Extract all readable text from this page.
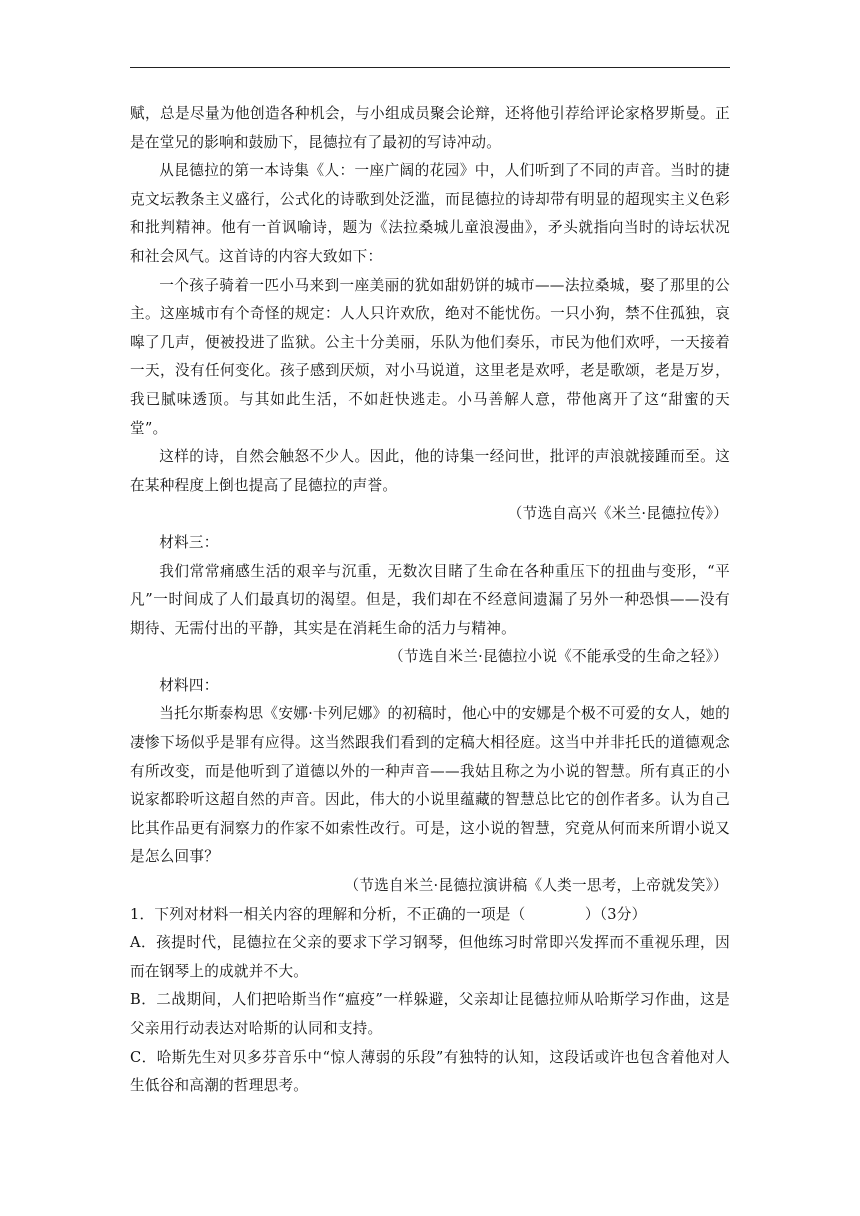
赋，总是尽量为他创造各种机会，与小组成员聚会论辩，还将他引荐给评论家格罗斯曼。正是在堂兄的影响和鼓励下，昆德拉有了最初的写诗冲动。

从昆德拉的第一本诗集《人：一座广阔的花园》中，人们听到了不同的声音。当时的捷克文坛教条主义盛行，公式化的诗歌到处泛滥，而昆德拉的诗却带有明显的超现实主义色彩和批判精神。他有一首讽喻诗，题为《法拉桑城儿童浪漫曲》，矛头就指向当时的诗坛状况和社会风气。这首诗的内容大致如下：

一个孩子骑着一匹小马来到一座美丽的犹如甜奶饼的城市——法拉桑城，娶了那里的公主。这座城市有个奇怪的规定：人人只许欢欣，绝对不能忧伤。一只小狗，禁不住孤独，哀嗥了几声，便被投进了监狱。公主十分美丽，乐队为他们奏乐，市民为他们欢呼，一天接着一天，没有任何变化。孩子感到厌烦，对小马说道，这里老是欢呼，老是歌颂，老是万岁，我已腻味透顶。与其如此生活，不如赶快逃走。小马善解人意，带他离开了这“甜蜜的天堂”。

这样的诗，自然会触怒不少人。因此，他的诗集一经问世，批评的声浪就接踵而至。这在某种程度上倒也提高了昆德拉的声誉。

（节选自高兴《米兰·昆德拉传》）

材料三：

我们常常痛感生活的艰辛与沉重，无数次目睹了生命在各种重压下的扭曲与变形，“平凡”一时间成了人们最真切的渴望。但是，我们却在不经意间遗漏了另外一种恐惧——没有期待、无需付出的平静，其实是在消耗生命的活力与精神。

（节选自米兰·昆德拉小说《不能承受的生命之轻》）

材料四：

当托尔斯泰构思《安娜·卡列尼娜》的初稿时，他心中的安娜是个极不可爱的女人，她的凄惨下场似乎是罪有应得。这当然跟我们看到的定稿大相径庭。这当中并非托氏的道德观念有所改变，而是他听到了道德以外的一种声音——我姑且称之为小说的智慧。所有真正的小说家都聆听这超自然的声音。因此，伟大的小说里蕴藏的智慧总比它的创作者多。认为自己比其作品更有洞察力的作家不如索性改行。可是，这小说的智慧，究竟从何而来所谓小说又是怎么回事？

（节选自米兰·昆德拉演讲稿《人类一思考，上帝就发笑》）

1．下列对材料一相关内容的理解和分析，不正确的一项是（　　　　）（3分）

A．孩提时代，昆德拉在父亲的要求下学习钢琴，但他练习时常即兴发挥而不重视乐理，因而在钢琴上的成就并不大。

B．二战期间，人们把哈斯当作“瘟疫”一样躲避，父亲却让昆德拉师从哈斯学习作曲，这是父亲用行动表达对哈斯的认同和支持。

C．哈斯先生对贝多芬音乐中“惊人薄弱的乐段”有独特的认知，这段话或许也包含着他对人生低谷和高潮的哲理思考。
